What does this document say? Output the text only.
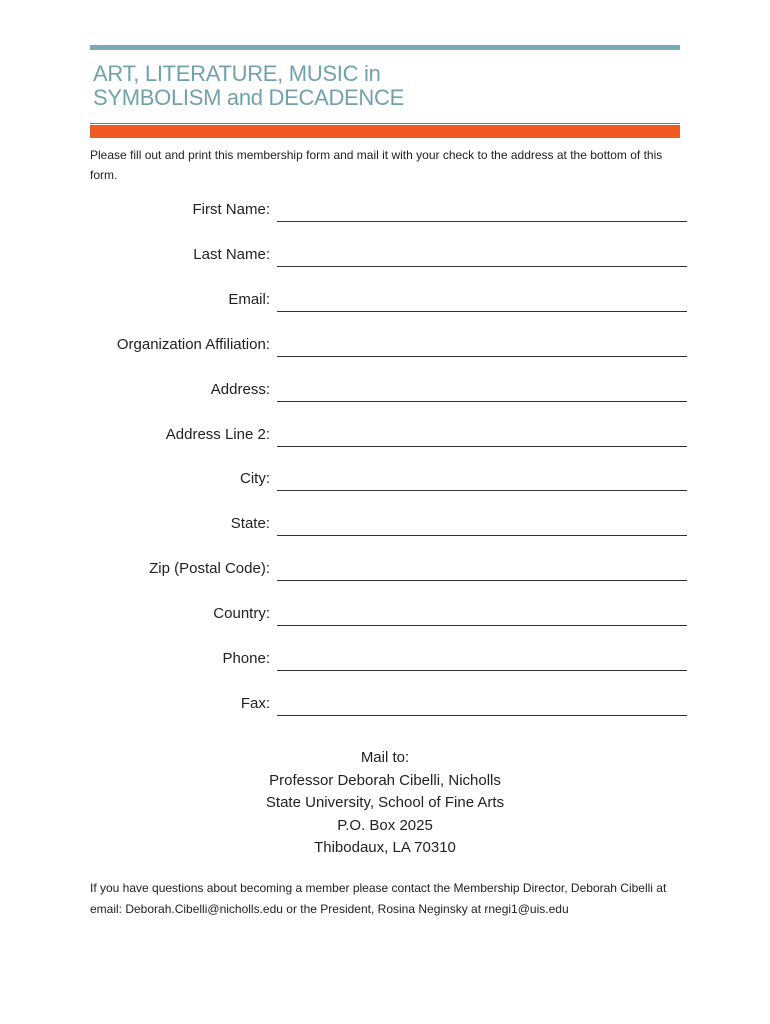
ART, LITERATURE, MUSIC in
SYMBOLISM and DECADENCE
Please fill out and print this membership form and mail it with your check to the address at the bottom of this form.
First Name:
Last Name:
Email:
Organization Affiliation:
Address:
Address Line 2:
City:
State:
Zip (Postal Code):
Country:
Phone:
Fax:
Mail to:
Professor Deborah Cibelli, Nicholls
State University, School of Fine Arts
P.O. Box 2025
Thibodaux, LA 70310
If you have questions about becoming a member please contact the Membership Director, Deborah Cibelli at email: Deborah.Cibelli@nicholls.edu or the President, Rosina Neginsky at rnegi1@uis.edu
